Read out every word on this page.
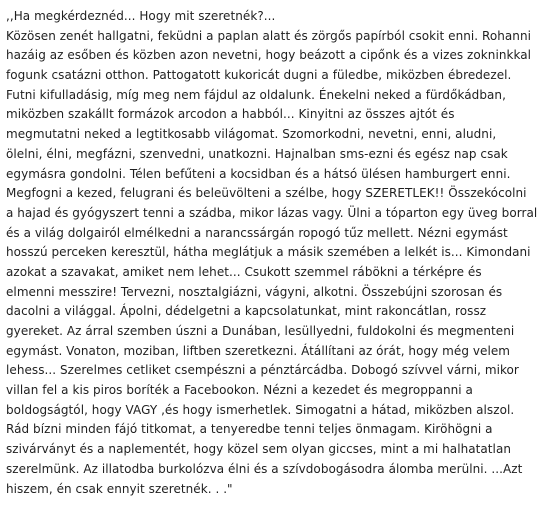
,,Ha megkérdeznéd... Hogy mit szeretnék?...
Közösen zenét hallgatni, feküdni a paplan alatt és zörgős papírból csokit enni. Rohanni
hazáig az esőben és közben azon nevetni, hogy beázott a cipőnk és a vizes zokninkkal
fogunk csatázni otthon. Pattogatott kukoricát dugni a füledbe, miközben ébredezel.
Futni kifulladásig, míg meg nem fájdul az oldalunk. Énekelni neked a fürdőkádban,
miközben szakállt formázok arcodon a habból... Kinyitni az összes ajtót és
megmutatni neked a legtitkosabb világomat. Szomorkodni, nevetni, enni, aludni,
ölelni, élni, megfázni, szenvedni, unatkozni. Hajnalban sms-ezni és egész nap csak
egymásra gondolni. Télen befűteni a kocsidban és a hátsó ülésen hamburgert enni.
Megfogni a kezed, felugrani és beleüvölteni a szélbe, hogy SZERETLEK!! Összekócolni
a hajad és gyógyszert tenni a szádba, mikor lázas vagy. Ülni a tóparton egy üveg borral
és a világ dolgairól elmélkedni a narancssárgán ropogó tűz mellett. Nézni egymást
hosszú perceken keresztül, hátha meglátjuk a másik szemében a lelkét is... Kimondani
azokat a szavakat, amiket nem lehet... Csukott szemmel rábökni a térképre és
elmenni messzire! Tervezni, nosztalgiázni, vágyni, alkotni. Összebújni szorosan és
dacolni a világgal. Ápolni, dédelgetni a kapcsolatunkat, mint rakoncátlan, rossz
gyereket. Az árral szemben úszni a Dunában, lesüllyedni, fuldokolni és megmenteni
egymást. Vonaton, moziban, liftben szeretkezni. Átállítani az órát, hogy még velem
lehess... Szerelmes cetliket csempészni a pénztárcádba. Dobogó szívvel várni, mikor
villan fel a kis piros boríték a Facebookon. Nézni a kezedet és megroppanni a
boldogságtól, hogy VAGY ,és hogy ismerhetlek. Simogatni a hátad, miközben alszol.
Rád bízni minden fájó titkomat, a tenyeredbe tenni teljes önmagam. Kiröhögni a
szivárványt és a naplementét, hogy közel sem olyan giccses, mint a mi halhatatlan
szerelmünk. Az illatodba burkolózva élni és a szívdobogásodra álomba merülni. ...Azt
hiszem, én csak ennyit szeretnék. . ."
